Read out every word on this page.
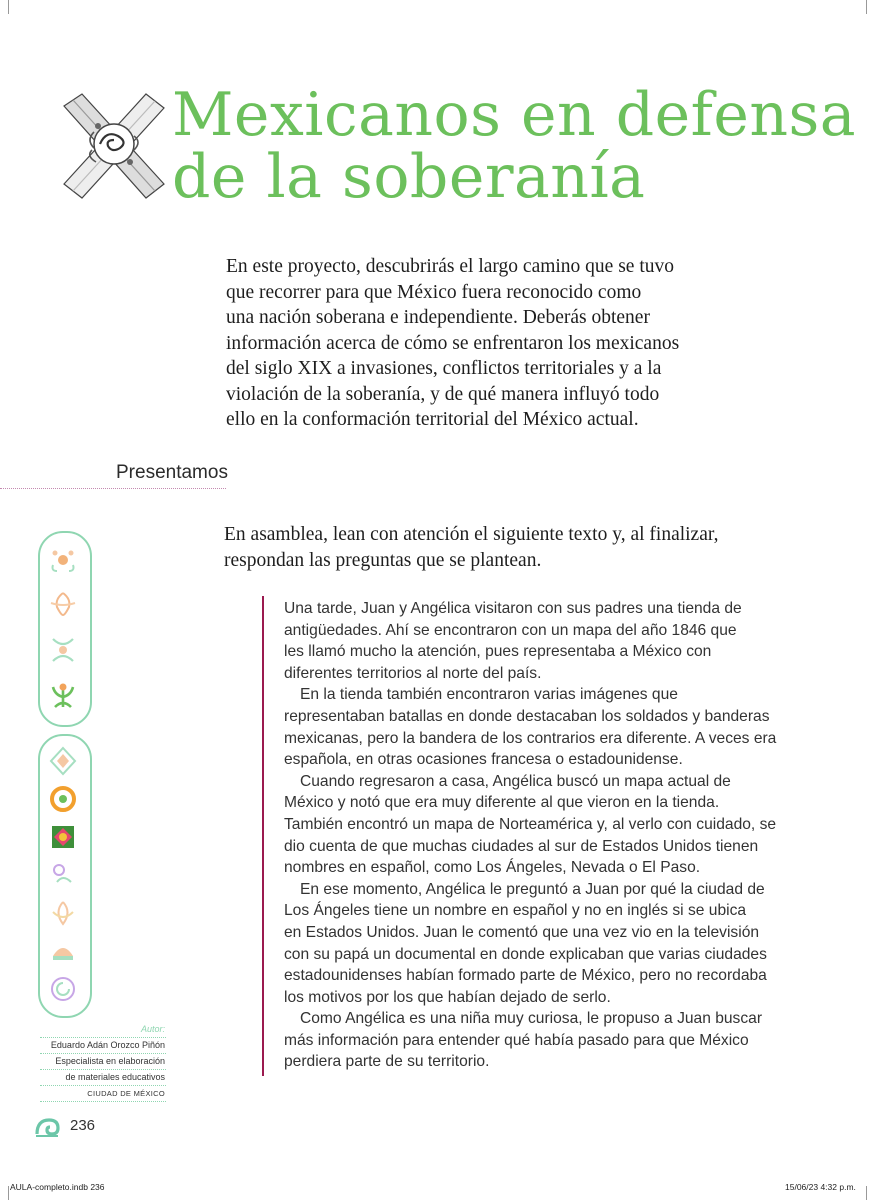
Mexicanos en defensa
de la soberanía
En este proyecto, descubrirás el largo camino que se tuvo
que recorrer para que México fuera reconocido como
una nación soberana e independiente. Deberás obtener
información acerca de cómo se enfrentaron los mexicanos
del siglo XIX a invasiones, conflictos territoriales y a la
violación de la soberanía, y de qué manera influyó todo
ello en la conformación territorial del México actual.
Presentamos
En asamblea, lean con atención el siguiente texto y, al finalizar,
respondan las preguntas que se plantean.
Una tarde, Juan y Angélica visitaron con sus padres una tienda de
antigüedades. Ahí se encontraron con un mapa del año 1846 que
les llamó mucho la atención, pues representaba a México con
diferentes territorios al norte del país.
En la tienda también encontraron varias imágenes que
representaban batallas en donde destacaban los soldados y banderas
mexicanas, pero la bandera de los contrarios era diferente. A veces era
española, en otras ocasiones francesa o estadounidense.
Cuando regresaron a casa, Angélica buscó un mapa actual de
México y notó que era muy diferente al que vieron en la tienda.
También encontró un mapa de Norteamérica y, al verlo con cuidado, se
dio cuenta de que muchas ciudades al sur de Estados Unidos tienen
nombres en español, como Los Ángeles, Nevada o El Paso.
En ese momento, Angélica le preguntó a Juan por qué la ciudad de
Los Ángeles tiene un nombre en español y no en inglés si se ubica
en Estados Unidos. Juan le comentó que una vez vio en la televisión
con su papá un documental en donde explicaban que varias ciudades
estadounidenses habían formado parte de México, pero no recordaba
los motivos por los que habían dejado de serlo.
Como Angélica es una niña muy curiosa, le propuso a Juan buscar
más información para entender qué había pasado para que México
perdiera parte de su territorio.
Autor:
Eduardo Adán Orozco Piñón
Especialista en elaboración
de materiales educativos
CIUDAD DE MÉXICO
236
AULA-completo.indb 236	15/06/23 4:32 p.m.
